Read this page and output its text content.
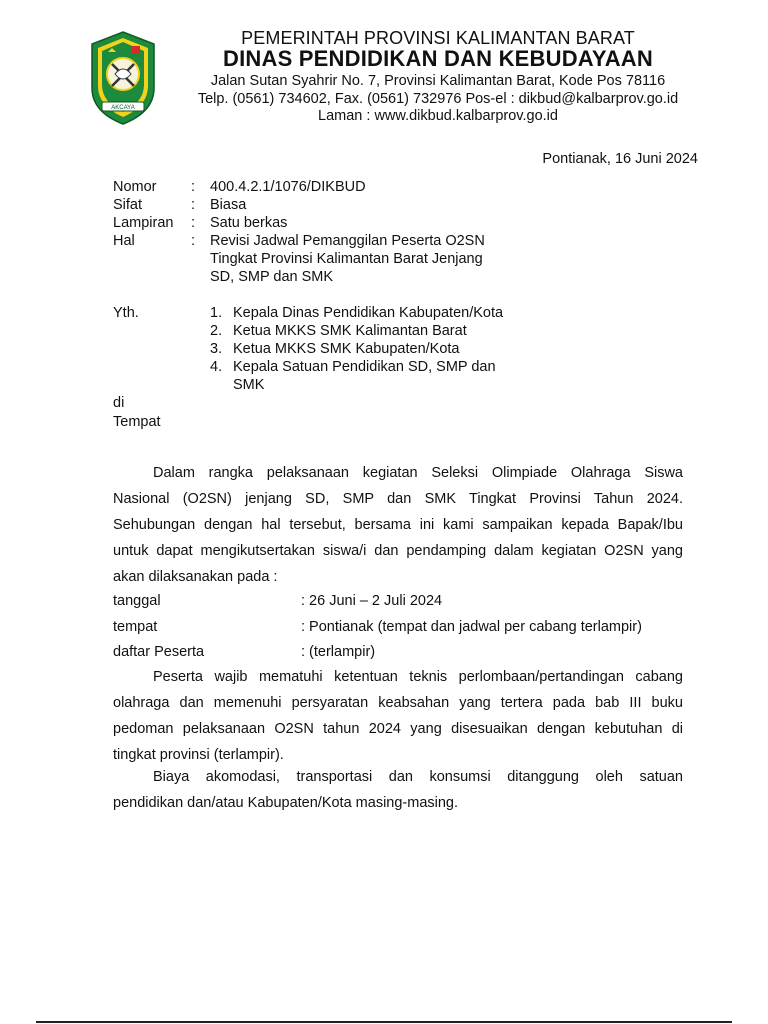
AKCAYA
PEMERINTAH PROVINSI KALIMANTAN BARAT
DINAS PENDIDIKAN DAN KEBUDAYAAN
Jalan Sutan Syahrir No. 7, Provinsi Kalimantan Barat, Kode Pos 78116
Telp. (0561) 734602, Fax. (0561) 732976 Pos-el : dikbud@kalbarprov.go.id
Laman : www.dikbud.kalbarprov.go.id
Pontianak, 16 Juni 2024
Nomor : 400.4.2.1/1076/DIKBUD
Sifat	: Biasa
Lampiran : Satu berkas
Hal	: Revisi Jadwal Pemanggilan Peserta O2SN
Tingkat Provinsi Kalimantan Barat Jenjang
SD, SMP dan SMK
Yth.	1. Kepala Dinas Pendidikan Kabupaten/Kota
2. Ketua MKKS SMK Kalimantan Barat
3. Ketua MKKS SMK Kabupaten/Kota
4. Kepala Satuan Pendidikan SD, SMP dan
SMK
di
Tempat
Dalam rangka pelaksanaan kegiatan Seleksi Olimpiade Olahraga Siswa
Nasional (O2SN) jenjang SD, SMP dan SMK Tingkat Provinsi Tahun 2024.
Sehubungan dengan hal tersebut, bersama ini kami sampaikan kepada Bapak/Ibu
untuk dapat mengikutsertakan siswa/i dan pendamping dalam kegiatan O2SN yang
akan dilaksanakan pada :
tanggal	: 26 Juni – 2 Juli 2024
tempat	: Pontianak (tempat dan jadwal per cabang terlampir)
daftar Peserta	: (terlampir)
Peserta wajib mematuhi ketentuan teknis perlombaan/pertandingan cabang
olahraga dan memenuhi persyaratan keabsahan yang tertera pada bab III buku
pedoman pelaksanaan O2SN tahun 2024 yang disesuaikan dengan kebutuhan di
tingkat provinsi (terlampir).
Biaya akomodasi, transportasi dan konsumsi ditanggung oleh satuan
pendidikan dan/atau Kabupaten/Kota masing-masing.
